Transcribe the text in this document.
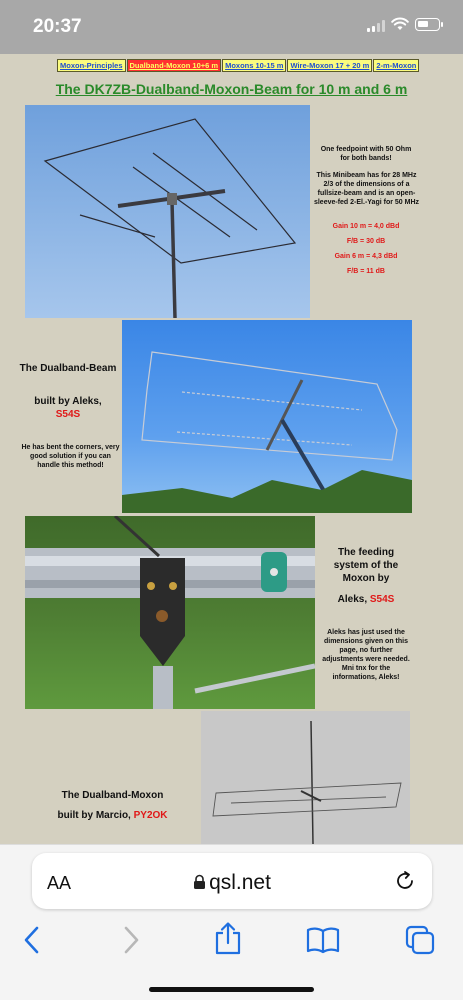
20:37
Moxon-Principles Dualband-Moxon 10+6 m Moxons 10-15 m Wire-Moxon 17 + 20 m 2-m-Moxon
The DK7ZB-Dualband-Moxon-Beam for 10 m and 6 m
One feedpoint with 50 Ohm for both bands!
This Minibeam has for 28 MHz 2/3 of the dimensions of a fullsize-beam and is an open-sleeve-fed 2-El.-Yagi for 50 MHz
Gain 10 m = 4,0 dBd
F/B = 30 dB
Gain 6 m = 4,3 dBd
F/B = 11 dB
The Dualband-Beam
built by Aleks,
S54S
He has bent the corners, very good solution if you can handle this method!
The feeding system of the Moxon by
Aleks, S54S
Aleks has just used the dimensions given on this page, no further adjustments were needed. Mni tnx for the informations, Aleks!
The Dualband-Moxon
built by Marcio, PY2OK
AA	qsl.net
